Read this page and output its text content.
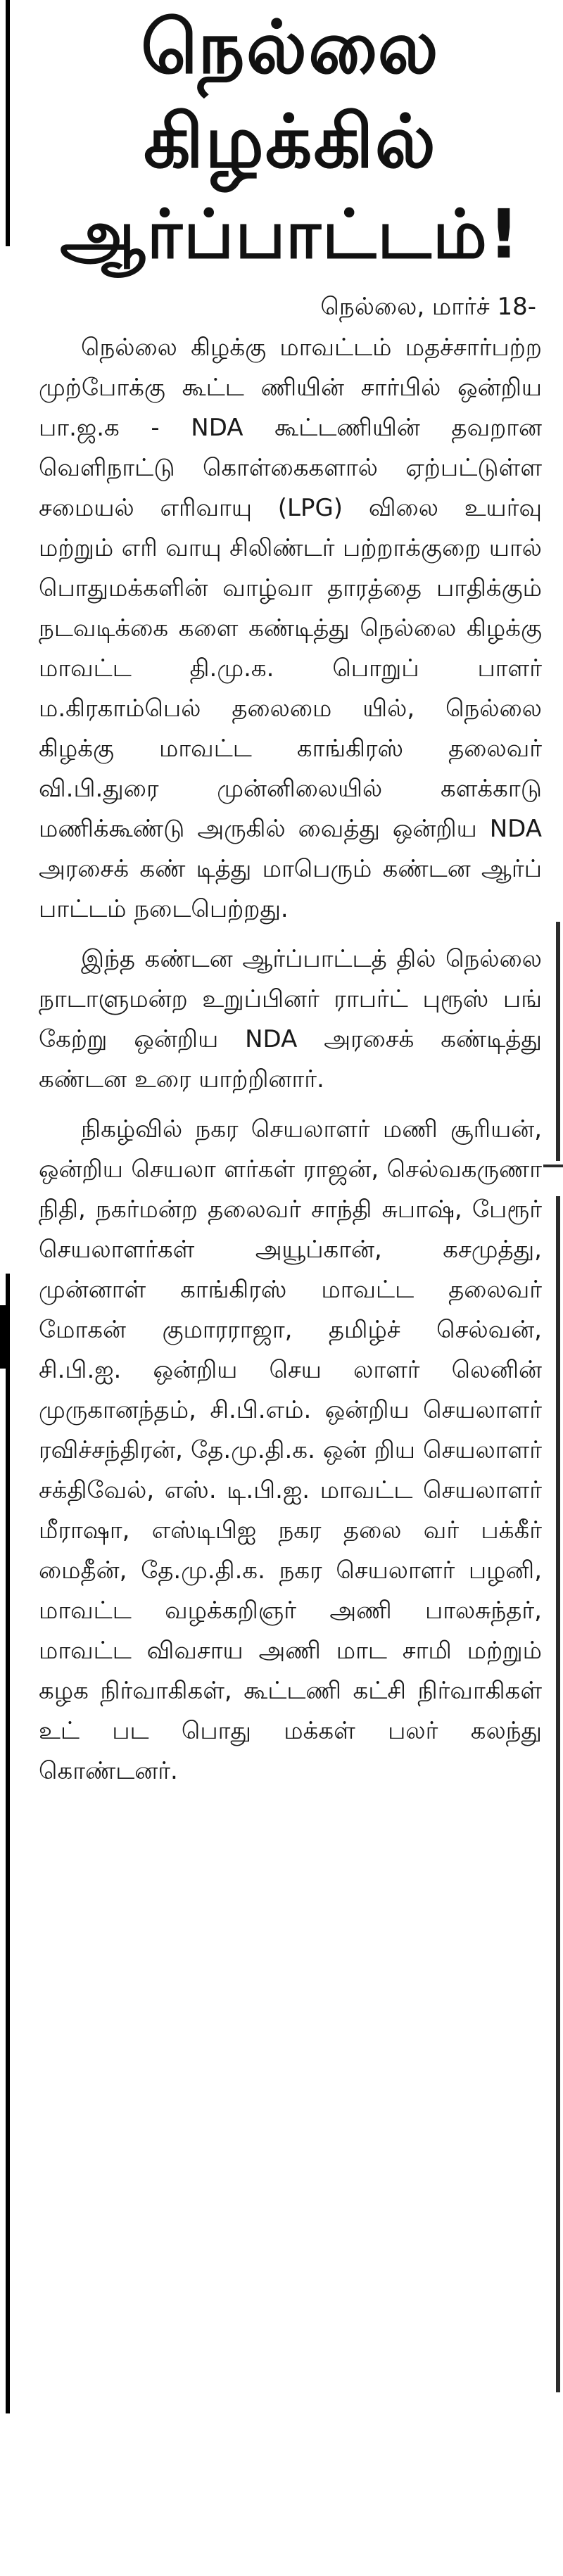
நெல்லை
கிழக்கில்
ஆர்ப்பாட்டம்!

நெல்லை, மார்ச் 18-

நெல்லை கிழக்கு மாவட்டம் மதச்சார்பற்ற முற்போக்கு கூட்ட ணியின் சார்பில் ஒன்றிய பா.ஜ.க - NDA கூட்டணியின் தவறான வெளிநாட்டு கொள்கைகளால் ஏற்பட்டுள்ள சமையல் எரிவாயு (LPG) விலை உயர்வு மற்றும் எரி வாயு சிலிண்டர் பற்றாக்குறை யால் பொதுமக்களின் வாழ்வா தாரத்தை பாதிக்கும் நடவடிக்கை களை கண்டித்து நெல்லை கிழக்கு மாவட்ட தி.மு.க. பொறுப் பாளர் ம.கிரகாம்பெல் தலைமை யில், நெல்லை கிழக்கு மாவட்ட காங்கிரஸ் தலைவர் வி.பி.துரை முன்னிலையில் களக்காடு மணிக்கூண்டு அருகில் வைத்து ஒன்றிய NDA அரசைக் கண் டித்து மாபெரும் கண்டன ஆர்ப் பாட்டம் நடைபெற்றது.

இந்த கண்டன ஆர்ப்பாட்டத் தில் நெல்லை நாடாளுமன்ற உறுப்பினர் ராபர்ட் புரூஸ் பங் கேற்று ஒன்றிய NDA அரசைக் கண்டித்து கண்டன உரை யாற்றினார்.

நிகழ்வில் நகர செயலாளர் மணி சூரியன், ஒன்றிய செயலா ளர்கள் ராஜன், செல்வகருணா நிதி, நகர்மன்ற தலைவர் சாந்தி சுபாஷ், பேரூர் செயலாளர்கள் அயூப்கான், கசமுத்து, முன்னாள் காங்கிரஸ் மாவட்ட தலைவர் மோகன் குமாரராஜா, தமிழ்ச் செல்வன், சி.பி.ஐ. ஒன்றிய செய லாளர் லெனின் முருகானந்தம், சி.பி.எம். ஒன்றிய செயலாளர் ரவிச்சந்திரன், தே.மு.தி.க. ஒன் றிய செயலாளர் சக்திவேல், எஸ். டி.பி.ஐ. மாவட்ட செயலாளர் மீராஷா, எஸ்டிபிஐ நகர தலை வர் பக்கீர் மைதீன், தே.மு.தி.க. நகர செயலாளர் பழனி, மாவட்ட வழக்கறிஞர் அணி பாலசுந்தர், மாவட்ட விவசாய அணி மாட சாமி மற்றும் கழக நிர்வாகிகள், கூட்டணி கட்சி நிர்வாகிகள் உட் பட பொது மக்கள் பலர் கலந்து கொண்டனர்.
